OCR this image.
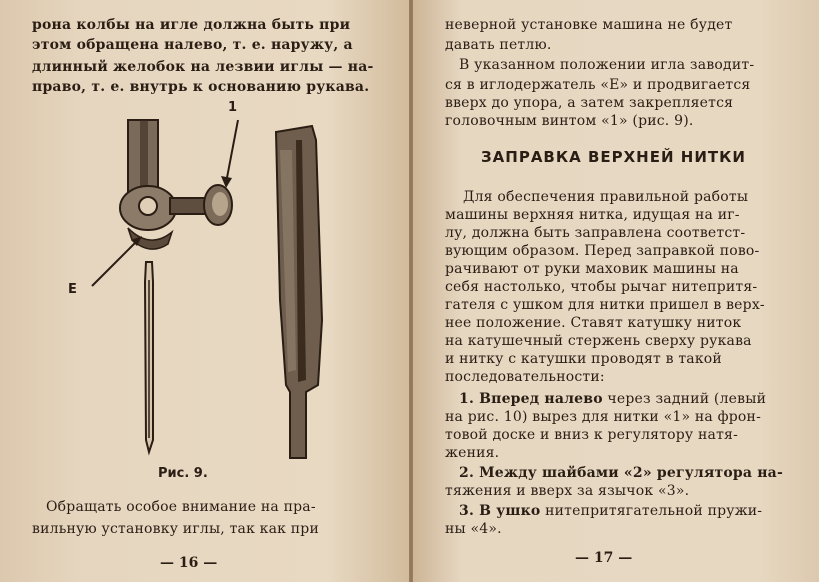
рона колбы на игле должна быть при
этом обращена налево, т. е. наружу, а
длинный желобок на лезвии иглы — на-
право, т. е. внутрь к основанию рукава.
1
Е
Рис. 9.
Обращать особое внимание на пра-
вильную установку иглы, так как при
— 16 —
неверной установке машина не будет
давать петлю.
В указанном положении игла заводит-
ся в иглодержатель «Е» и продвигается
вверх до упора, а затем закрепляется
головочным винтом «1» (рис. 9).
ЗАПРАВКА ВЕРХНЕЙ НИТКИ
Для обеспечения правильной работы
машины верхняя нитка, идущая на иг-
лу, должна быть заправлена соответст-
вующим образом. Перед заправкой пово-
рачивают от руки маховик машины на
себя настолько, чтобы рычаг нитепритя-
гателя с ушком для нитки пришел в верх-
нее положение. Ставят катушку ниток
на катушечный стержень сверху рукава
и нитку с катушки проводят в такой
последовательности:
1. Вперед налево через задний (левый
на рис. 10) вырез для нитки «1» на фрон-
товой доске и вниз к регулятору натя-
жения.
2. Между шайбами «2» регулятора на-
тяжения и вверх за язычок «3».
3. В ушко нитепритягательной пружи-
ны «4».
— 17 —
